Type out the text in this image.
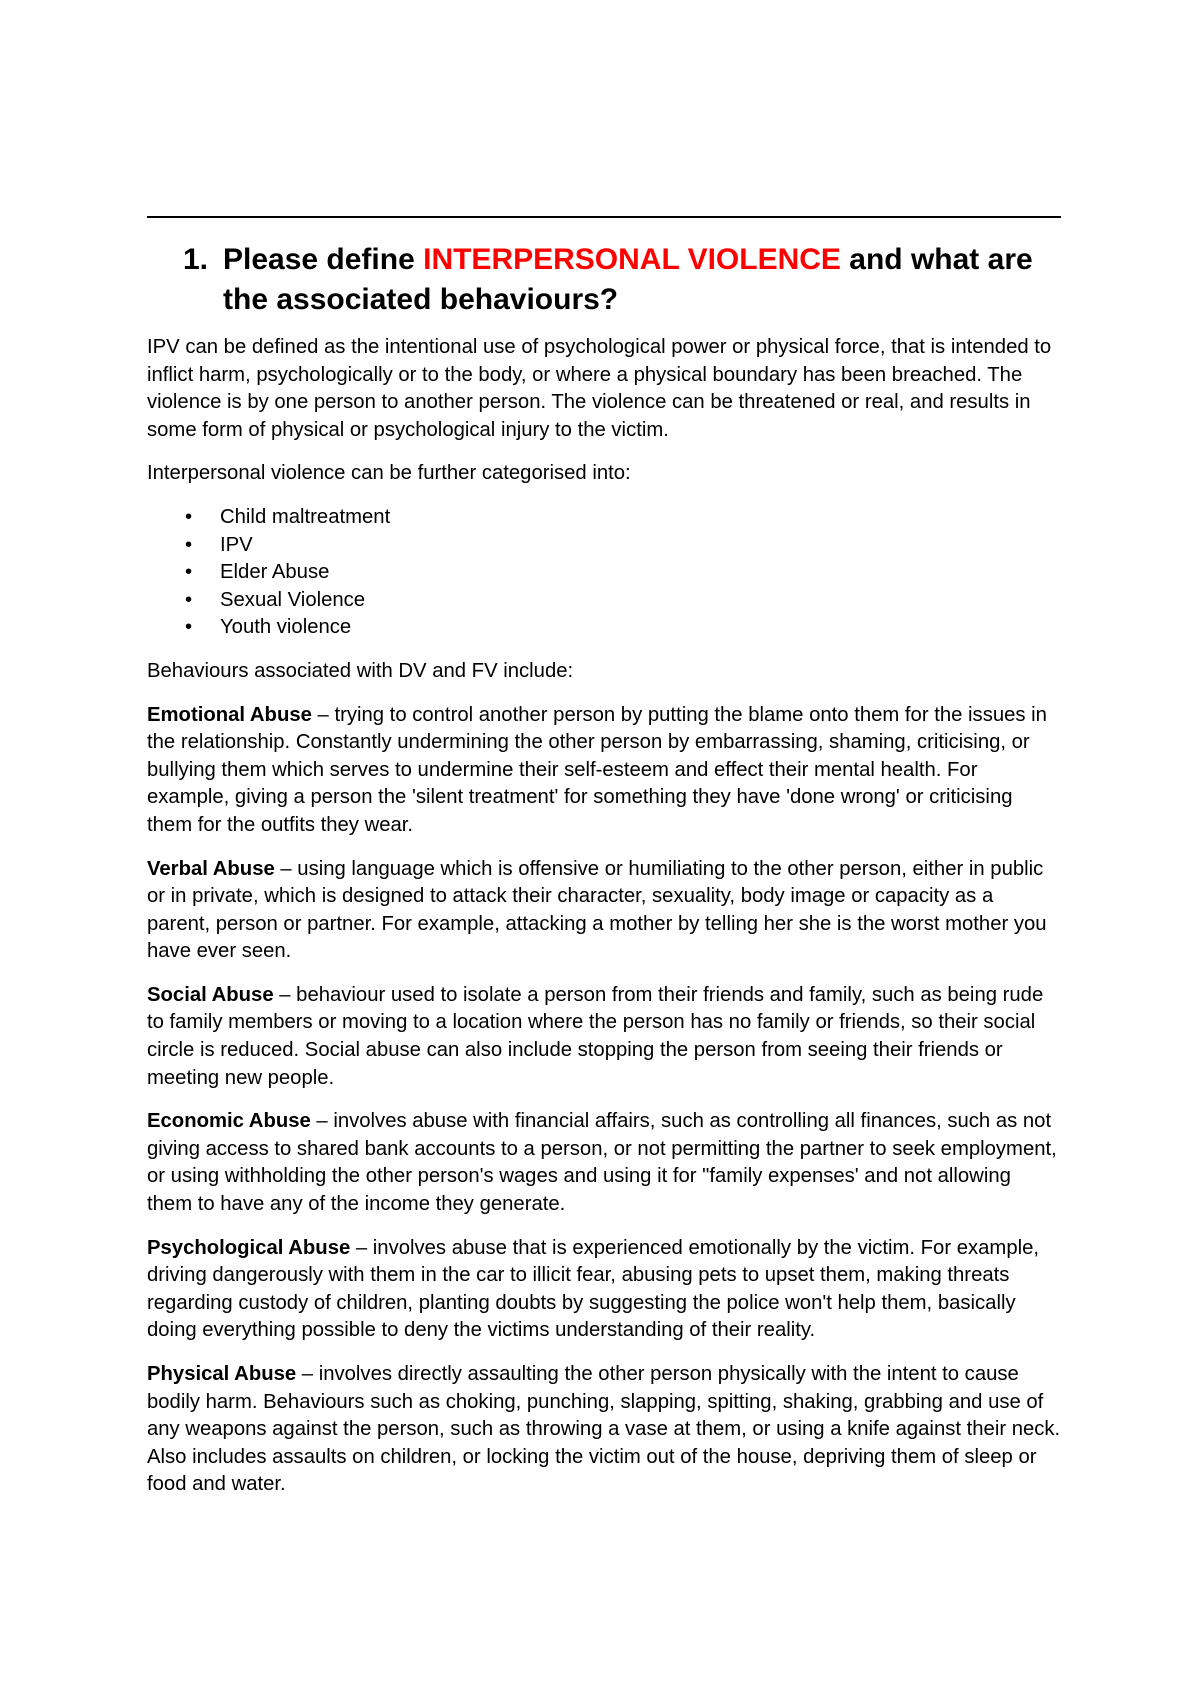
1. Please define INTERPERSONAL VIOLENCE and what are the associated behaviours?

IPV can be defined as the intentional use of psychological power or physical force, that is intended to inflict harm, psychologically or to the body, or where a physical boundary has been breached. The violence is by one person to another person. The violence can be threatened or real, and results in some form of physical or psychological injury to the victim.

Interpersonal violence can be further categorised into:

• Child maltreatment
• IPV
• Elder Abuse
• Sexual Violence
• Youth violence

Behaviours associated with DV and FV include:

Emotional Abuse – trying to control another person by putting the blame onto them for the issues in the relationship. Constantly undermining the other person by embarrassing, shaming, criticising, or bullying them which serves to undermine their self-esteem and effect their mental health. For example, giving a person the 'silent treatment' for something they have 'done wrong' or criticising them for the outfits they wear.

Verbal Abuse – using language which is offensive or humiliating to the other person, either in public or in private, which is designed to attack their character, sexuality, body image or capacity as a parent, person or partner. For example, attacking a mother by telling her she is the worst mother you have ever seen.

Social Abuse – behaviour used to isolate a person from their friends and family, such as being rude to family members or moving to a location where the person has no family or friends, so their social circle is reduced. Social abuse can also include stopping the person from seeing their friends or meeting new people.

Economic Abuse – involves abuse with financial affairs, such as controlling all finances, such as not giving access to shared bank accounts to a person, or not permitting the partner to seek employment, or using withholding the other person's wages and using it for "family expenses' and not allowing them to have any of the income they generate.

Psychological Abuse – involves abuse that is experienced emotionally by the victim. For example, driving dangerously with them in the car to illicit fear, abusing pets to upset them, making threats regarding custody of children, planting doubts by suggesting the police won't help them, basically doing everything possible to deny the victims understanding of their reality.

Physical Abuse – involves directly assaulting the other person physically with the intent to cause bodily harm. Behaviours such as choking, punching, slapping, spitting, shaking, grabbing and use of any weapons against the person, such as throwing a vase at them, or using a knife against their neck. Also includes assaults on children, or locking the victim out of the house, depriving them of sleep or food and water.
